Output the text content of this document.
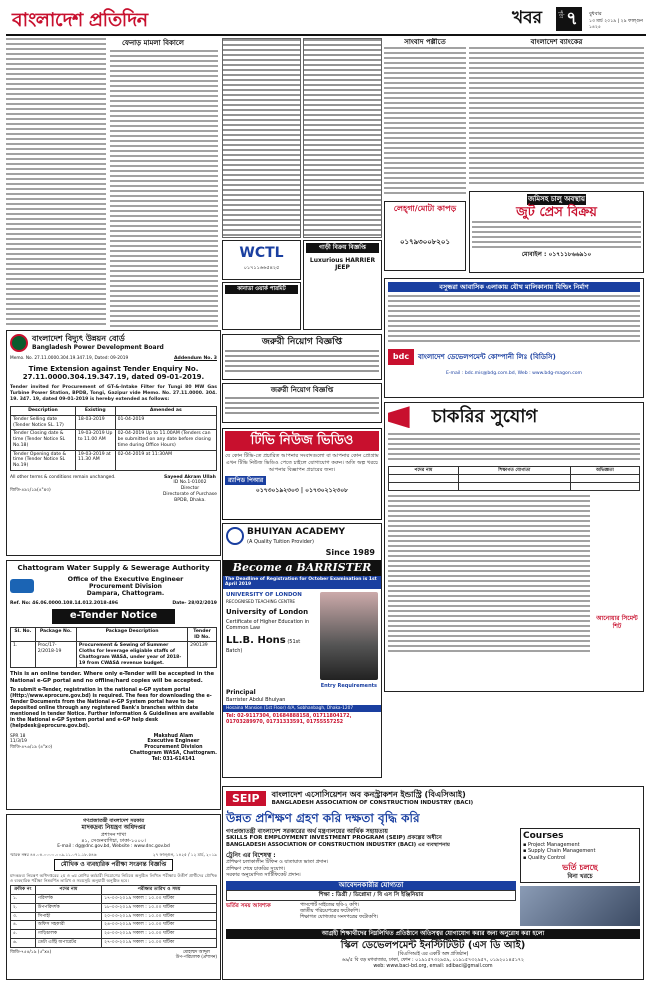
বাংলাদেশ প্রতিদিন	খবর	পৃষ্ঠা ৭	বুধবার
১৩ মার্চ ২০১৯ | ২৯ ফাল্গুন ১৪২৫
ফেনাড় মামলা বিকালে
বাংলাদেশ বিদ্যুৎ উন্নয়ন বোর্ড
Bangladesh Power Development Board
Memo. No. 27.11.0000.304.19.347.19, Dated: 09-2019	Addendum No. 3
Time Extension against Tender Enquiry No.
27.11.0000.304.19.347.19, dated 09-01-2019.
Tender invited for Procurement of GT-&-Intake Filter for Tungi 80 MW Gas Turbine Power Station, BPDB, Tongi, Gazipur vide Memo. No. 27.11.0000. 304. 19. 347. 19, dated 09-01-2019 is hereby extended as follows:
Description	Existing	Amended as
Tender Selling date (Tender Notice SL. 17)	18-03-2019	01-04-2019
Tender Closing date & time (Tender Notice SL No.18)	19-03-2019 Up to 11.00 AM	02-04-2019 Up to 11.00AM (Tenders can be submitted on any date before closing time during Office Hours)
Tender Opening date & time (Tender Notice SL No.19)	19-03-2019 at 11.30 AM	02-04-2019 at 11:30AM
All other terms & conditions remain unchanged.
জিডি-৪৯২/১৯(৪"x৩)
Sayeed Akram Ullah
ID No.1-01002
Director
Directorate of Purchase
BPDB, Dhaka.
Chattogram Water Supply & Sewerage Authority
Office of the Executive Engineer
Procurement Division
Dampara, Chattogram.
Ref. No: 46.06.0000.108.14.012.2018-496	Date- 28/02/2019
e-Tender Notice
Sl. No.	Package No.	Package Description	Tender ID No.
1.	Proc/17-2/2018-19	Procurement & Sewing of Summer Cloths for leverage eligiable staffs of Chattogram WASA, under year of 2018-19 from CWASA revenue budget.	290139
This is an online tender. Where only e-Tender will be accepted in the National e-GP portal and no offline/hard copies will be accepted.
To submit e-Tender, registration in the national e-GP system portal (Http://www.eprocure.gov.bd) is required. The fees for downloading the e-Tender Documents from the National e-GP System portal have to be deposited online through any registered Bank's branches within date mentioned in tender Notice. Further information & Guidelines are available in the National e-GP System portal and e-GP help desk (helpdesk@eprocure.gov.bd).
SPR 18
11/3/19
জিডি-৪৭৬/১৯ (৪"x৩)
Makshud Alam
Executive Engineer
Procurement Division
Chattogram WASA, Chattogram.
Tel: 031-614141
গণপ্রজাতন্ত্রী বাংলাদেশ সরকার
মাদকদ্রব্য নিয়ন্ত্রণ অধিদপ্তর
প্রশাসন শাখা
৪১, সেগুনবাগিচা, ঢাকা-১০০০।
E-mail : dg@dnc.gov.bd, Website : www.dnc.gov.bd
স্মারক নম্বর ৪৪.০৪.০০০০.০০৯.১১.০৭১.১৮.৫৪৬	২৭ ফাল্গুন, ১৪২৫ / ১২ মার্চ, ২০১৯
মৌখিক ও ব্যবহারিক পরীক্ষা সংক্রান্ত বিজ্ঞপ্তি
মাদকদ্রব্য নিয়ন্ত্রণ অধিদপ্তরের ২য় ও ৩য় শ্রেণির কর্মচারী নিয়োগের নিমিত্তে অনুষ্ঠিত লিখিত পরীক্ষায় উত্তীর্ণ প্রার্থীদের মৌখিক ও ব্যবহারিক পরীক্ষা নিম্নবর্ণিত তারিখ ও সময়সূচি অনুযায়ী অনুষ্ঠিত হবে।
ক্রমিক নং	পদের নাম	পরীক্ষার তারিখ ও সময়
১.	পরিদর্শক	১৭-০৩-২০১৯ সকাল : ১০.০০ ঘটিকা
২.	উপপরিদর্শক	১৮-০৩-২০১৯ সকাল : ১০.০০ ঘটিকা
৩.	সিপাহী	২০-০৩-২০১৯ সকাল : ১০.০০ ঘটিকা
৪.	অফিস সহকারী	২৪-০৩-২০১৯ সকাল : ১০.০০ ঘটিকা
৫.	গাড়িচালক	২৫-০৩-২০১৯ সকাল : ১০.০০ ঘটিকা
৬.	ডেটা এন্ট্রি অপারেটর	২৭-০৩-২০১৯ সকাল : ১০.০০ ঘটিকা
জিডি-৭৫৪/১৯ (৫"x৪)	মোহাম্মদ আব্দুল
উপ-পরিচালক (প্রশাসন)
WCTL
০১৭১১৬৬৫৪২৫
গাড়ী বিক্রয় বিজ্ঞপ্তি
Luxurious HARRIER JEEP
কানাডা ওয়ার্ক পারমিট
জরুরী নিয়োগ বিজ্ঞপ্তি
জরুরী নিয়োগ বিজ্ঞপ্তি
টিভি নিউজ ভিডিও
যে কোন টিভি-তে প্রচারিত আপনার সংবাদগুলো বা আপনার কোন প্রোগ্রাম এখন টিভি নিউজ ভিডিও পেতে চাইলে যোগাযোগ করুন। অতি অল্প খরচে আপনার বিজ্ঞাপন প্রচারের জন্য।
র‍্যাপিড পিআর
০১৭৩০১৯২৩০৩ | ০১৭৩০২১২৩০৮
সাংবাদ পল্লীতে
লেহ্গা/মোটা কাপড়
০১৭৯৩০০৮২০১
বাংলাদেশ ব্যাংকের
জমিসহ চালু অবস্থায়
জুট প্রেস বিক্রয়
মোবাইল : ০১৭১১৮৬৬৯১০
বসুন্ধরা আবাসিক এলাকায় যৌথ মালিকানায় বিল্ডিং নির্মাণ
bdc	বাংলাদেশ ডেভেলপমেন্ট কোম্পানী লিঃ (বিডিসি)
E-mail : bdc.mis@bdg.com.bd, Web : www.bdg-magon.com
BHUIYAN ACADEMY
(A Quality Tuition Provider)
Since 1989
Become a BARRISTER
The Deadline of Registration for October Examination is 1st April 2019
UNIVERSITY OF LONDON
RECOGNISED TEACHING CENTRE
University of London
Certificate of Higher Education in Common Law
LL.B. Hons (51st Batch)
Entry Requirements
Principal
Barrister Abdul Bhuiyan
Hosaina Mansion (1st Floor) 4/A, Sobhanbagh, Dhaka-1207
Tel: 02-9117304, 01684888158, 01711804172, 01703289970, 01731333591, 01755557252
চাকরির সুযোগ
পদের নাম	শিক্ষাগত যোগ্যতা	অভিজ্ঞতা

আনোয়ার সিমেন্ট শিট
SEIP	বাংলাদেশ এসোসিয়েশন অব কনস্ট্রাকশন ইন্ডাস্ট্রি (বিএসিআই)
BANGLADESH ASSOCIATION OF CONSTRUCTION INDUSTRY (BACI)
উন্নত প্রশিক্ষণ গ্রহণ করি দক্ষতা বৃদ্ধি করি
গণপ্রজাতন্ত্রী বাংলাদেশ সরকারের অর্থ মন্ত্রণালয়ের আর্থিক সহায়তায়
SKILLS FOR EMPLOYMENT INVESTMENT PROGRAM (SEIP) প্রকল্পের অধীনে
BANGLADESH ASSOCIATION OF CONSTRUCTION INDUSTRY (BACI) এর ব্যবস্থাপনায়
ট্রেনিং এর বিশেষত্ব :
প্রশিক্ষণ চলাকালীন টিফিন ও যাতায়াত ভাতা প্রদান।
প্রশিক্ষণ শেষে চাকরির সুযোগ।
সরকার অনুমোদিত সার্টিফিকেট প্রদান।
আবেদনকারীর যোগ্যতা
শিক্ষা : ডিগ্রী / ডিপ্লোমা / বি এস সি ইঞ্জিনিয়ার
ভর্তির সময় আবশ্যক	পাসপোর্ট সাইজের ছবি-২ কপি।
জাতীয় পরিচয়পত্রের ফটোকপি।
শিক্ষাগত যোগ্যতার সনদপত্রের ফটোকপি।
Courses
▪ Project Management
▪ Supply Chain Management
▪ Quality Control
ভর্তি চলছে
বিনা খরচে
আগ্রহী শিক্ষার্থীদের নিম্নলিখিত প্রতিষ্ঠানে অতিসত্বর যোগাযোগ করার জন্য অনুরোধ করা হলো
স্কিল ডেভেলপমেন্ট ইনস্টিটিউট (এস ডি আই)
(বিএসিআই এর একটি অঙ্গ প্রতিষ্ঠান)
৬৯/৫ বি বড় মগবাজার, ঢাকা, ফোন : ০১৯১৫৭৩২৯৫৯, ০১৯১৫৭৩২৯৫৭, ০১৯২০১৪৫১৭২
web: www.baci-bd.org, email: sdibaci@gmail.com
